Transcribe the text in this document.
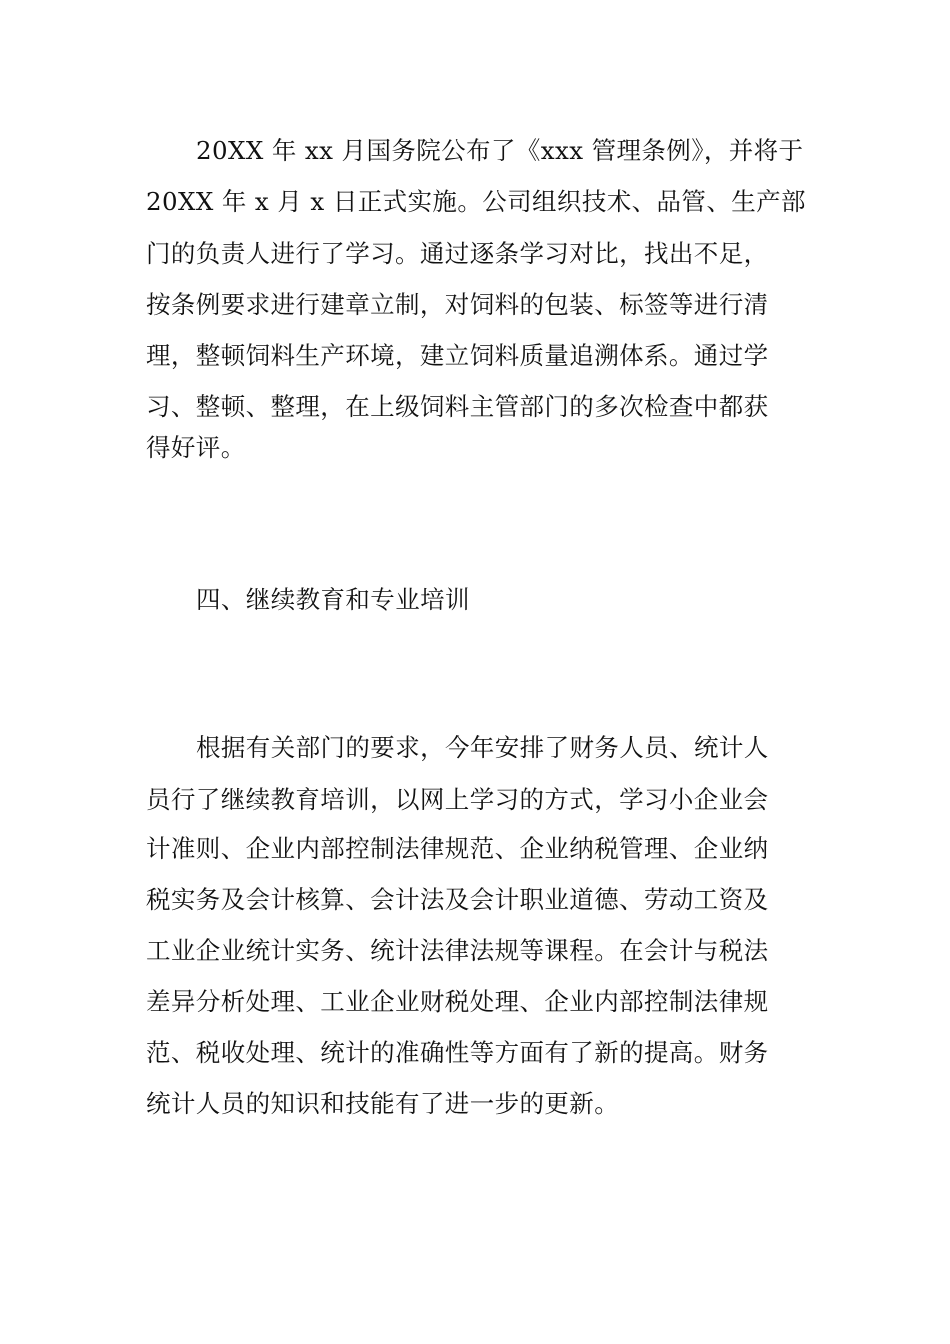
20XX 年 xx 月国务院公布了《xxx 管理条例》，并将于
20XX 年 x 月 x 日正式实施。公司组织技术、品管、生产部
门的负责人进行了学习。通过逐条学习对比，找出不足，
按条例要求进行建章立制，对饲料的包装、标签等进行清
理，整顿饲料生产环境，建立饲料质量追溯体系。通过学
习、整顿、整理，在上级饲料主管部门的多次检查中都获
得好评。
四、继续教育和专业培训
根据有关部门的要求，今年安排了财务人员、统计人
员行了继续教育培训，以网上学习的方式，学习小企业会
计准则、企业内部控制法律规范、企业纳税管理、企业纳
税实务及会计核算、会计法及会计职业道德、劳动工资及
工业企业统计实务、统计法律法规等课程。在会计与税法
差异分析处理、工业企业财税处理、企业内部控制法律规
范、税收处理、统计的准确性等方面有了新的提高。财务
统计人员的知识和技能有了进一步的更新。
